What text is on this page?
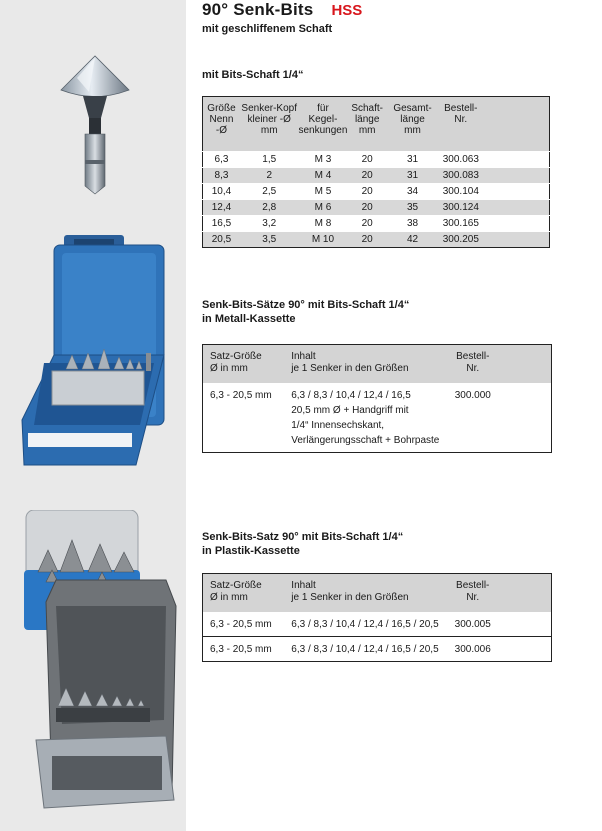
90° Senk-Bits HSS
mit geschliffenem Schaft
mit Bits-Schaft 1/4“
Größe
Nenn -Ø	Senker-Kopf
kleiner -Ø
mm	für
Kegel-
senkungen	Schaft-
länge
mm	Gesamt-
länge
mm	Bestell-
Nr.	
6,3	1,5	M 3	20	31	300.063	
8,3	2	M 4	20	31	300.083	
10,4	2,5	M 5	20	34	300.104	
12,4	2,8	M 6	20	35	300.124	
16,5	3,2	M 8	20	38	300.165	
20,5	3,5	M 10	20	42	300.205	
Senk-Bits-Sätze 90° mit Bits-Schaft 1/4“
in Metall-Kassette
Satz-Größe
Ø in mm	Inhalt
je 1 Senker in den Größen	Bestell-
Nr.	
6,3 - 20,5 mm	6,3 / 8,3 / 10,4 / 12,4 / 16,5
20,5 mm Ø + Handgriff mit
1/4“ Innensechskant,
Verlängerungsschaft + Bohrpaste	300.000	
Senk-Bits-Satz 90° mit Bits-Schaft 1/4“
in Plastik-Kassette
Satz-Größe
Ø in mm	Inhalt
je 1 Senker in den Größen	Bestell-
Nr.	
6,3 - 20,5 mm	6,3 / 8,3 / 10,4 / 12,4 / 16,5 / 20,5	300.005	
6,3 - 20,5 mm	6,3 / 8,3 / 10,4 / 12,4 / 16,5 / 20,5	300.006	
